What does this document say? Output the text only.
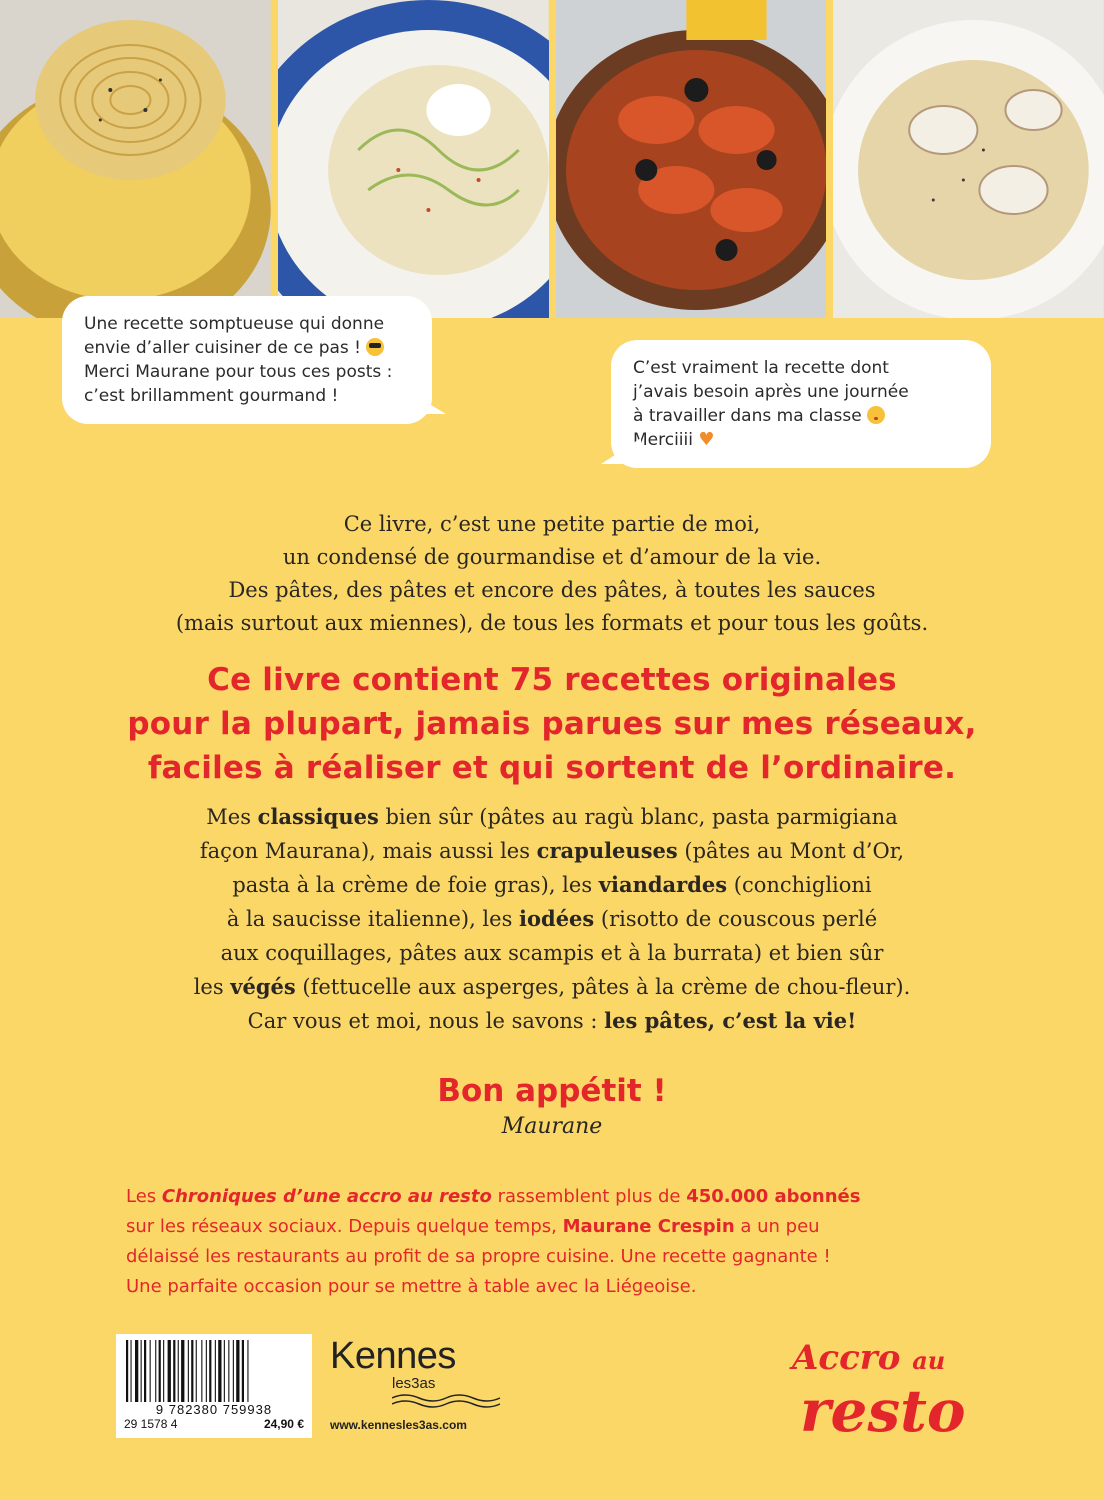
Une recette somptueuse qui donne

envie d’aller cuisiner de ce pas !

Merci Maurane pour tous ces posts :

c’est brillamment gourmand !

C’est vraiment la recette dont

j’avais besoin après une journée

à travailler dans ma classe

Merciiii ♥

Ce livre, c’est une petite partie de moi,

un condensé de gourmandise et d’amour de la vie.

Des pâtes, des pâtes et encore des pâtes, à toutes les sauces

(mais surtout aux miennes), de tous les formats et pour tous les goûts.

Ce livre contient 75 recettes originales

pour la plupart, jamais parues sur mes réseaux,

faciles à réaliser et qui sortent de l’ordinaire.

Mes classiques bien sûr (pâtes au ragù blanc, pasta parmigiana

façon Maurana), mais aussi les crapuleuses (pâtes au Mont d’Or,

pasta à la crème de foie gras), les viandardes (conchiglioni

à la saucisse italienne), les iodées (risotto de couscous perlé

aux coquillages, pâtes aux scampis et à la burrata) et bien sûr

les végés (fettucelle aux asperges, pâtes à la crème de chou-fleur).

Car vous et moi, nous le savons : les pâtes, c’est la vie!

Bon appétit !

Maurane

Les Chroniques d’une accro au resto rassemblent plus de 450.000 abonnés

sur les réseaux sociaux. Depuis quelque temps, Maurane Crespin a un peu

délaissé les restaurants au profit de sa propre cuisine. Une recette gagnante !

Une parfaite occasion pour se mettre à table avec la Liégeoise.

9 782380 759938
29 1578 4	24,90 €
Kennes
les3as
www.kennesles3as.com
Accro au
resto
